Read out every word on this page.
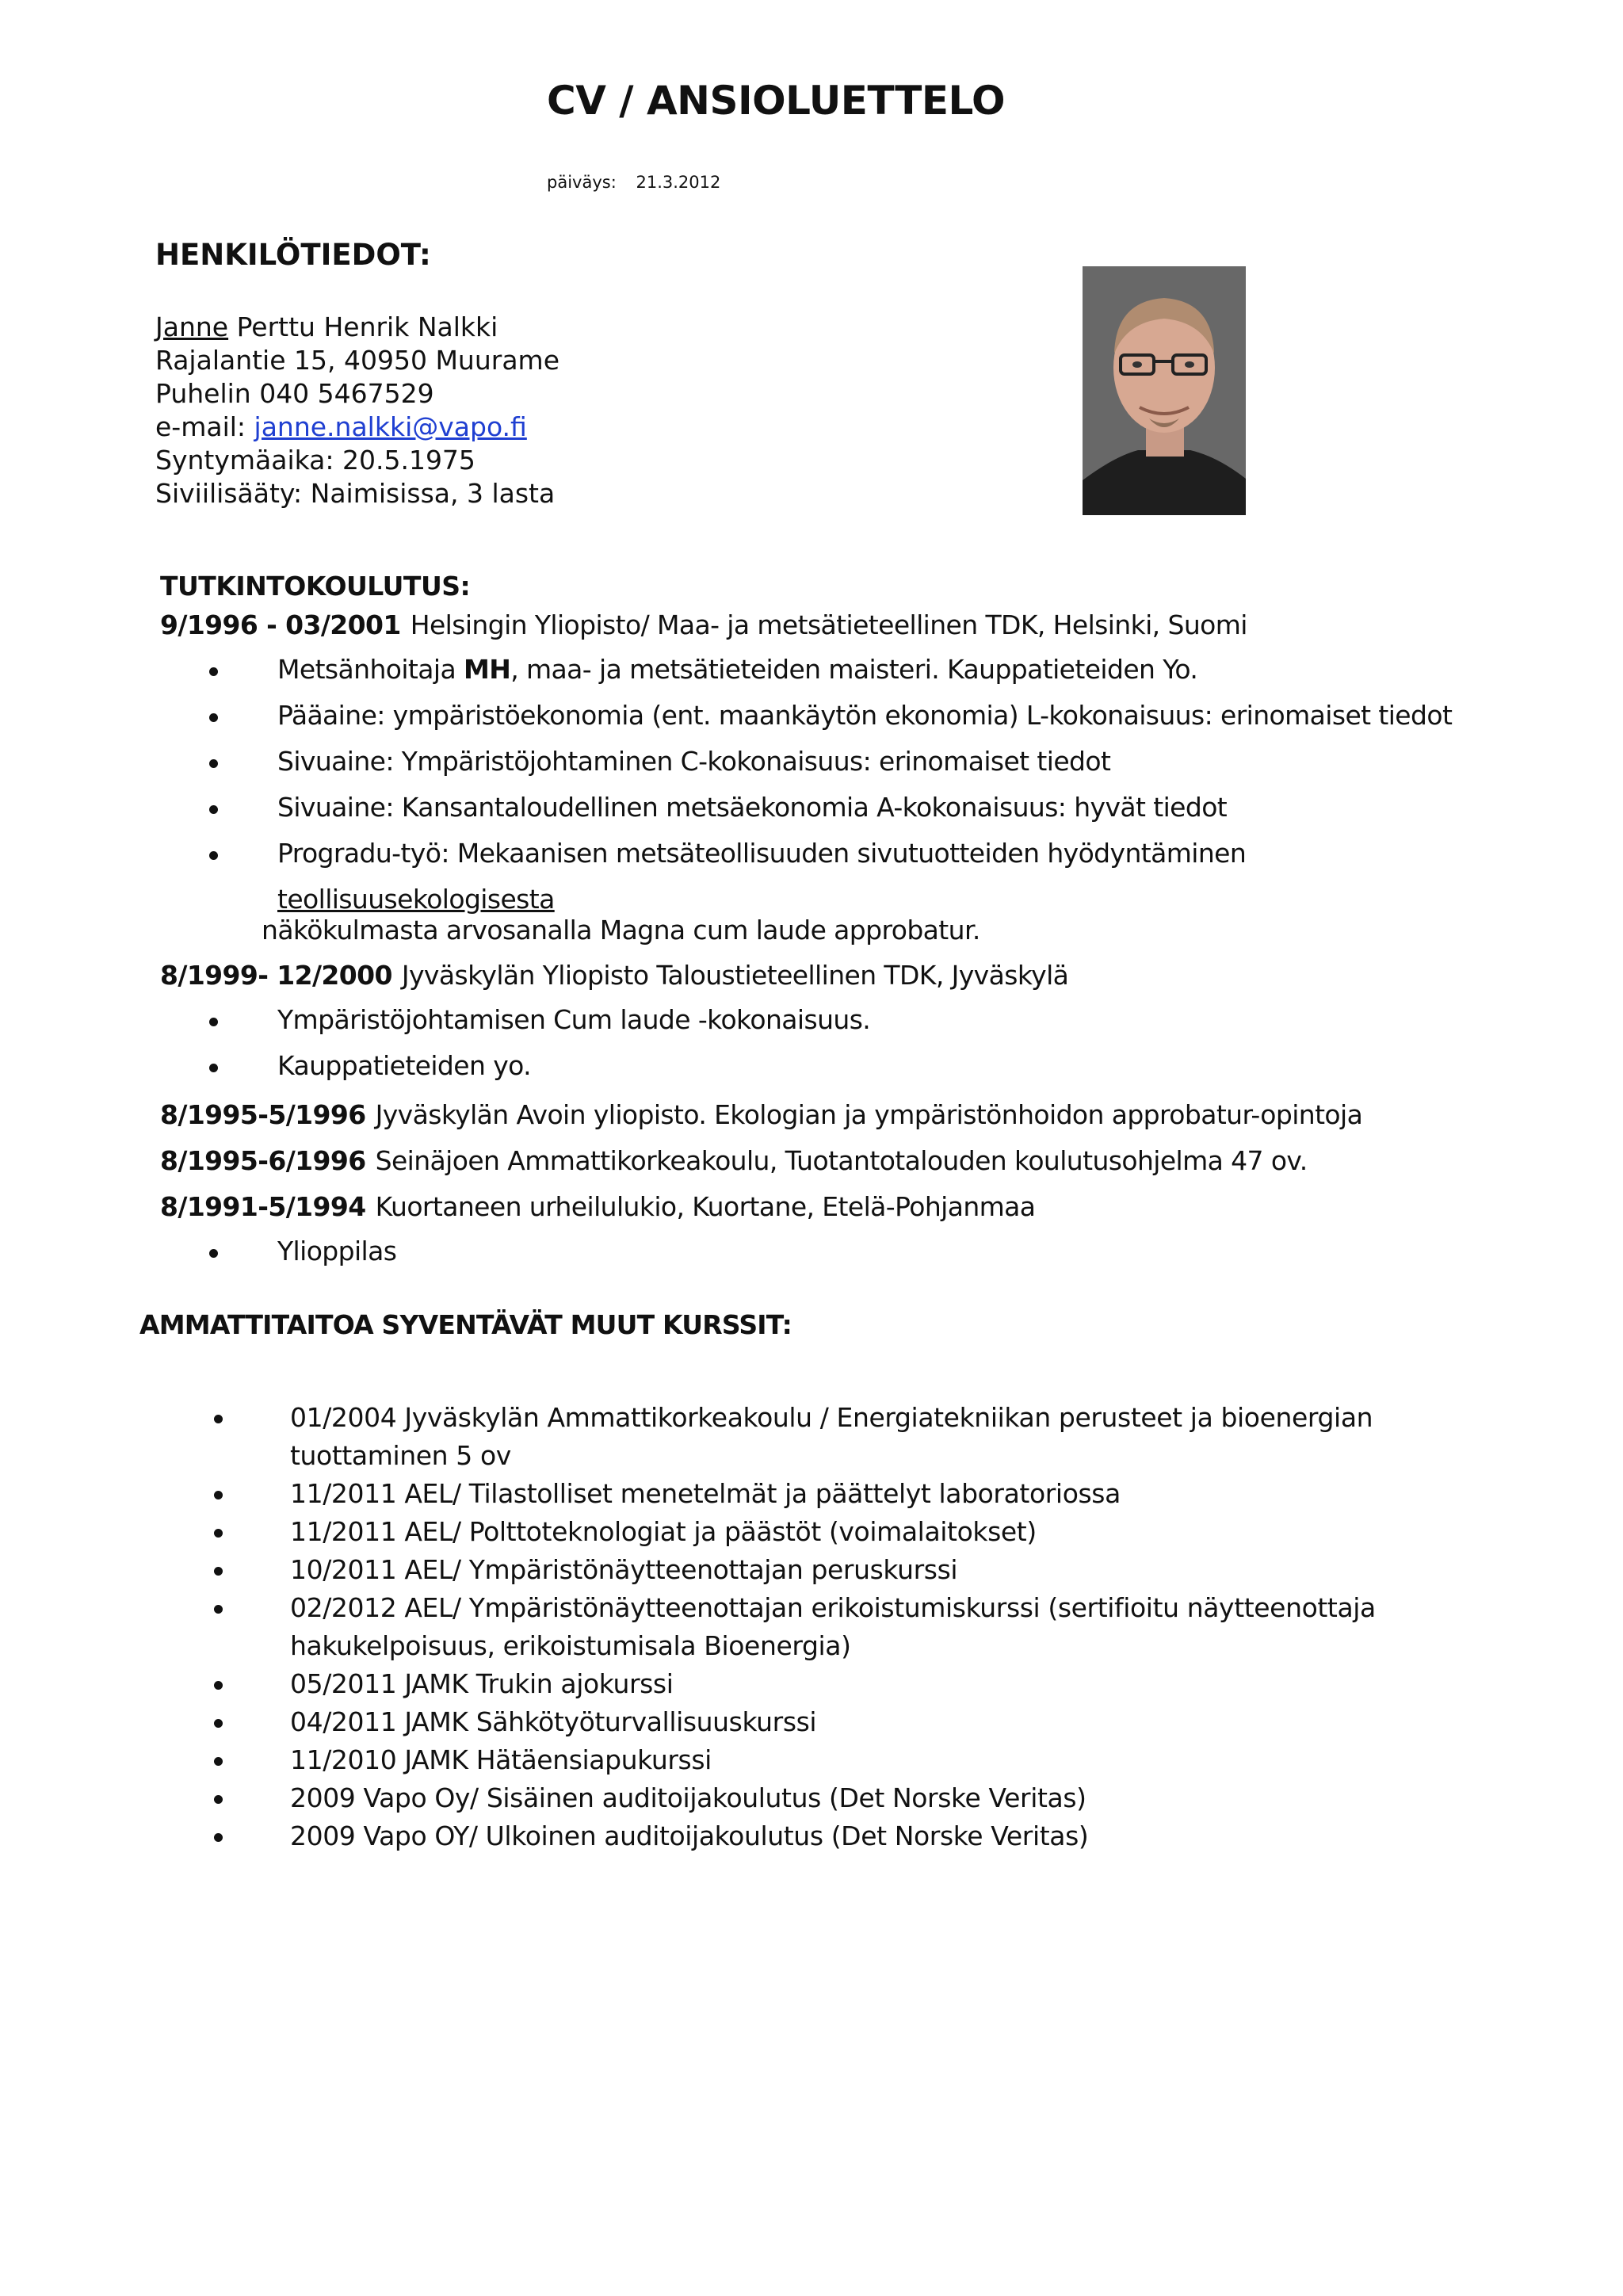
CV / ANSIOLUETTELO
päiväys: 21.3.2012
HENKILÖTIEDOT:
Janne Perttu Henrik Nalkki
Rajalantie 15, 40950 Muurame
Puhelin 040 5467529
e-mail: janne.nalkki@vapo.fi
Syntymäaika: 20.5.1975
Siviilisääty: Naimisissa, 3 lasta
TUTKINTOKOULUTUS:
9/1996 - 03/2001 Helsingin Yliopisto/ Maa- ja metsätieteellinen TDK, Helsinki, Suomi
Metsänhoitaja MH, maa- ja metsätieteiden maisteri. Kauppatieteiden Yo.
Pääaine: ympäristöekonomia (ent. maankäytön ekonomia) L-kokonaisuus: erinomaiset tiedot
Sivuaine: Ympäristöjohtaminen C-kokonaisuus: erinomaiset tiedot
Sivuaine: Kansantaloudellinen metsäekonomia A-kokonaisuus: hyvät tiedot
Progradu-työ: Mekaanisen metsäteollisuuden sivutuotteiden hyödyntäminen teollisuusekologisesta
näkökulmasta arvosanalla Magna cum laude approbatur.
8/1999- 12/2000 Jyväskylän Yliopisto Taloustieteellinen TDK, Jyväskylä
Ympäristöjohtamisen Cum laude -kokonaisuus.
Kauppatieteiden yo.
8/1995-5/1996 Jyväskylän Avoin yliopisto. Ekologian ja ympäristönhoidon approbatur-opintoja
8/1995-6/1996 Seinäjoen Ammattikorkeakoulu, Tuotantotalouden koulutusohjelma 47 ov.
8/1991-5/1994 Kuortaneen urheilulukio, Kuortane, Etelä-Pohjanmaa
Ylioppilas
AMMATTITAITOA SYVENTÄVÄT MUUT KURSSIT:
01/2004 Jyväskylän Ammattikorkeakoulu / Energiatekniikan perusteet ja bioenergian
tuottaminen 5 ov
11/2011 AEL/ Tilastolliset menetelmät ja päättelyt laboratoriossa
11/2011 AEL/ Polttoteknologiat ja päästöt (voimalaitokset)
10/2011 AEL/ Ympäristönäytteenottajan peruskurssi
02/2012 AEL/ Ympäristönäytteenottajan erikoistumiskurssi (sertifioitu näytteenottaja
hakukelpoisuus, erikoistumisala Bioenergia)
05/2011 JAMK Trukin ajokurssi
04/2011 JAMK Sähkötyöturvallisuuskurssi
11/2010 JAMK Hätäensiapukurssi
2009 Vapo Oy/ Sisäinen auditoijakoulutus (Det Norske Veritas)
2009 Vapo OY/ Ulkoinen auditoijakoulutus (Det Norske Veritas)
